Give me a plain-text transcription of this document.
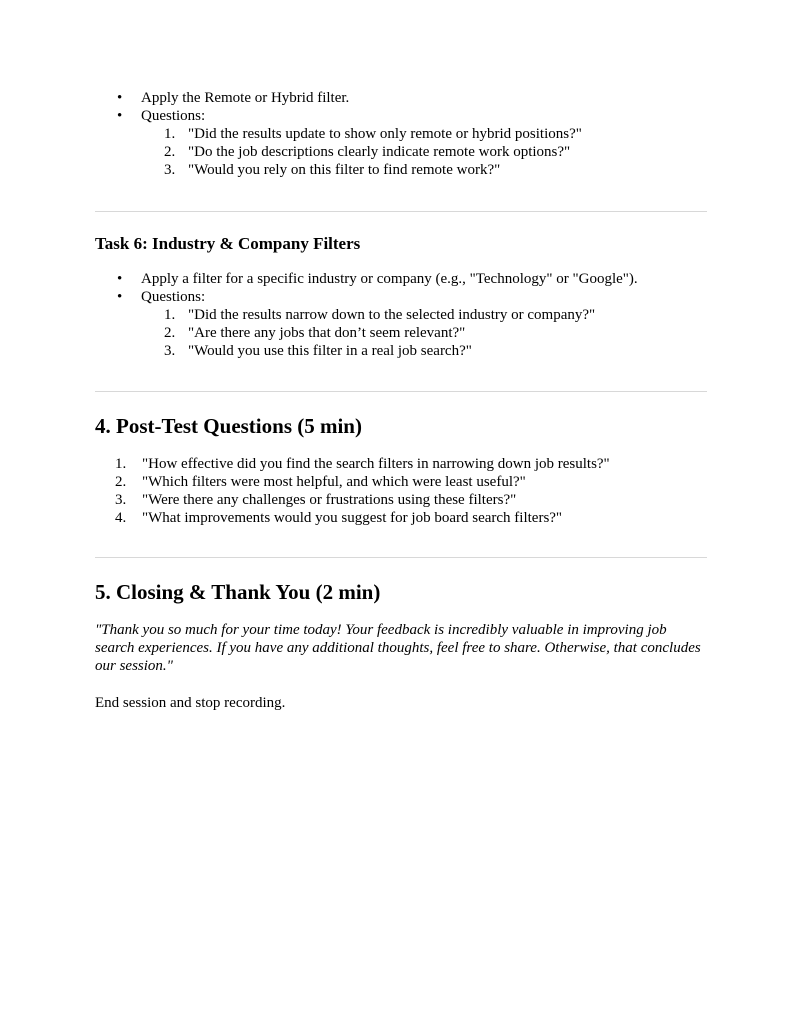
• Apply the Remote or Hybrid filter.
• Questions:
1. "Did the results update to show only remote or hybrid positions?"
2. "Do the job descriptions clearly indicate remote work options?"
3. "Would you rely on this filter to find remote work?"
Task 6: Industry & Company Filters
• Apply a filter for a specific industry or company (e.g., "Technology" or "Google").
• Questions:
1. "Did the results narrow down to the selected industry or company?"
2. "Are there any jobs that don’t seem relevant?"
3. "Would you use this filter in a real job search?"
4. Post-Test Questions (5 min)
1. "How effective did you find the search filters in narrowing down job results?"
2. "Which filters were most helpful, and which were least useful?"
3. "Were there any challenges or frustrations using these filters?"
4. "What improvements would you suggest for job board search filters?"
5. Closing & Thank You (2 min)

"Thank you so much for your time today! Your feedback is incredibly valuable in improving job search experiences. If you have any additional thoughts, feel free to share. Otherwise, that concludes our session."

End session and stop recording.
